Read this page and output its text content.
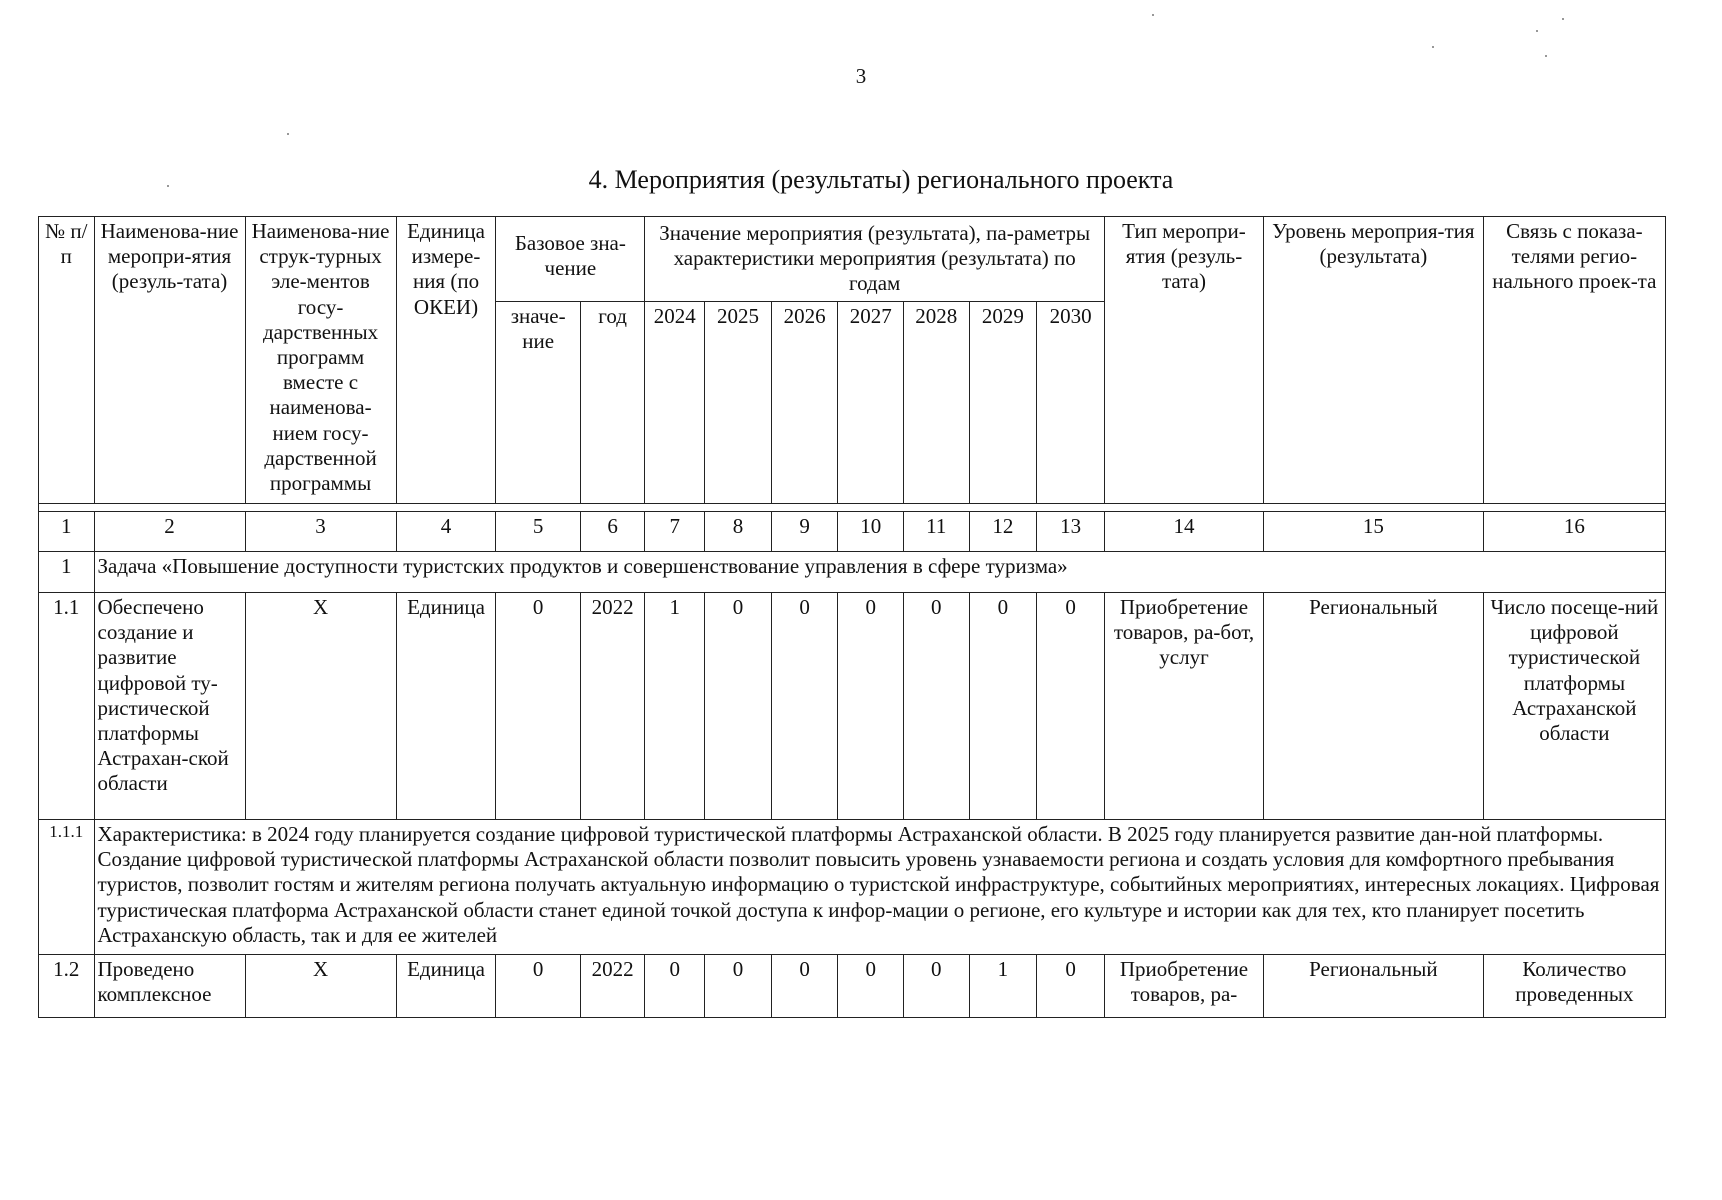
3
4. Мероприятия (результаты) регионального проекта
№ п/п	Наименова-ние меропри-ятия (резуль-тата)	Наименова-ние струк-турных эле-ментов госу-дарственных программ вместе с наименова-нием госу-дарственной программы	Единица измере-ния (по ОКЕИ)	Базовое зна-чение		Значение мероприятия (результата), па-раметры характеристики мероприятия (результата) по годам							Тип меропри-ятия (резуль-тата)	Уровень мероприя-тия (результата)	Связь с показа-телями регио-нального проек-та
				значе-ние	год	2024	2025	2026	2027	2028	2029	2030			

1	2	3	4	5	6	7	8	9	10	11	12	13	14	15	16
1	Задача «Повышение доступности туристских продуктов и совершенствование управления в сфере туризма»														
1.1	Обеспечено создание и развитие цифровой ту-ристической платформы Астрахан-ской области	X	Единица	0	2022	1	0	0	0	0	0	0	Приобретение товаров, ра-бот, услуг	Региональный	Число посеще-ний цифровой туристической платформы Астраханской области
1.1.1	Характеристика: в 2024 году планируется создание цифровой туристической платформы Астраханской области. В 2025 году планируется развитие дан-ной платформы. Создание цифровой туристической платформы Астраханской области позволит повысить уровень узнаваемости региона и создать условия для комфортного пребывания туристов, позволит гостям и жителям региона получать актуальную информацию о туристской инфраструктуре, событийных мероприятиях, интересных локациях. Цифровая туристическая платформа Астраханской области станет единой точкой доступа к инфор-мации о регионе, его культуре и истории как для тех, кто планирует посетить Астраханскую область, так и для ее жителей														
1.2	Проведено комплексное	X	Единица	0	2022	0	0	0	0	0	1	0	Приобретение товаров, ра-	Региональный	Количество проведенных
